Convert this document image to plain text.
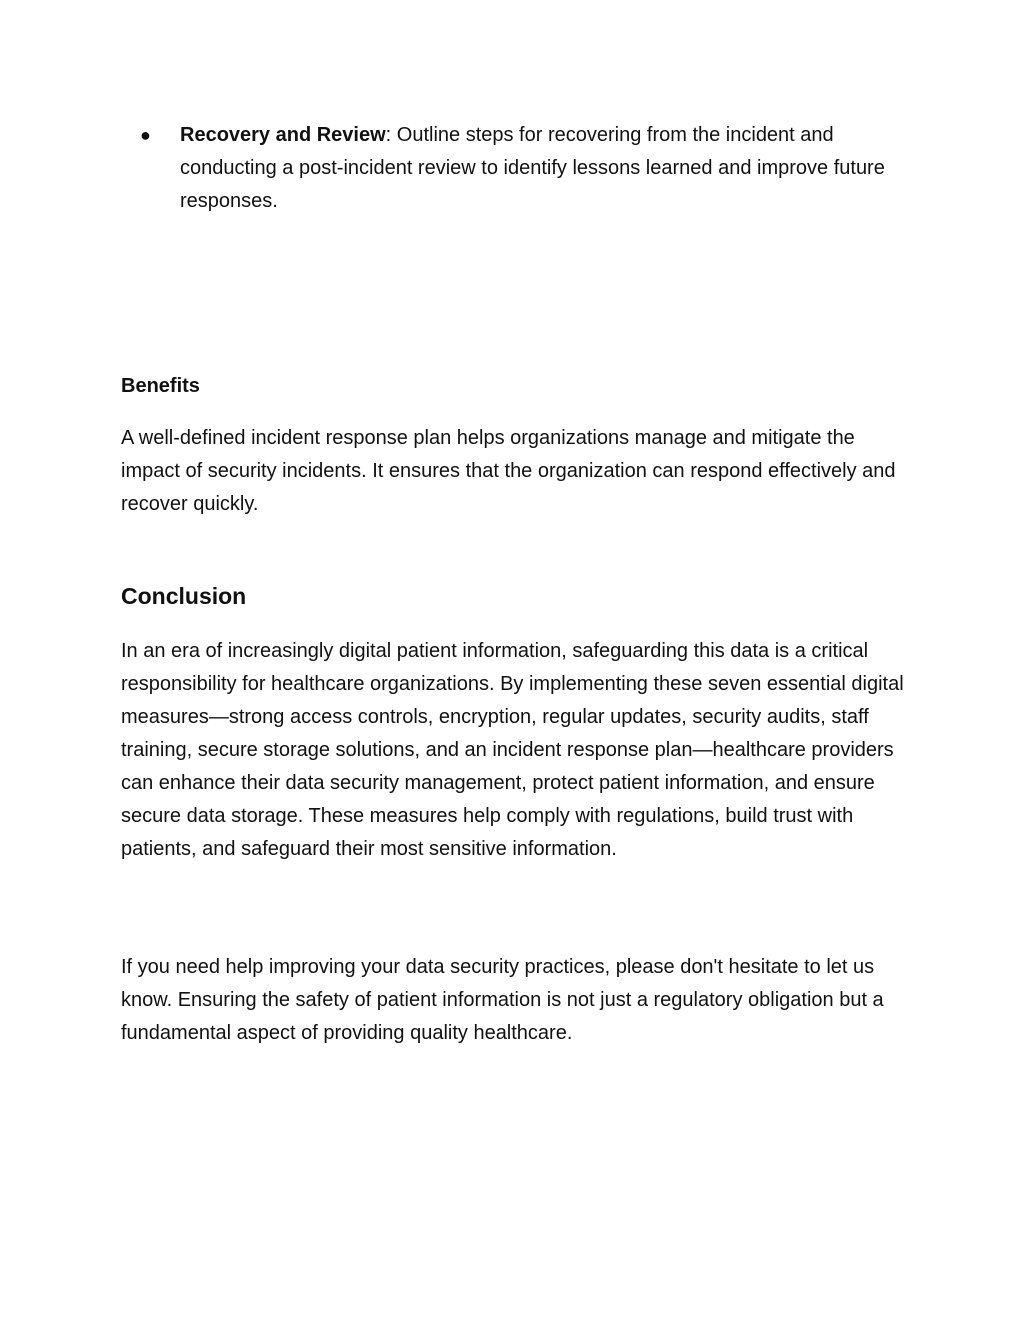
●	Recovery and Review: Outline steps for recovering from the incident and conducting a post-incident review to identify lessons learned and improve future responses.
Benefits
A well-defined incident response plan helps organizations manage and mitigate the impact of security incidents. It ensures that the organization can respond effectively and recover quickly.
Conclusion
In an era of increasingly digital patient information, safeguarding this data is a critical responsibility for healthcare organizations. By implementing these seven essential digital measures—strong access controls, encryption, regular updates, security audits, staff training, secure storage solutions, and an incident response plan—healthcare providers can enhance their data security management, protect patient information, and ensure secure data storage. These measures help comply with regulations, build trust with patients, and safeguard their most sensitive information.
If you need help improving your data security practices, please don't hesitate to let us know. Ensuring the safety of patient information is not just a regulatory obligation but a fundamental aspect of providing quality healthcare.
